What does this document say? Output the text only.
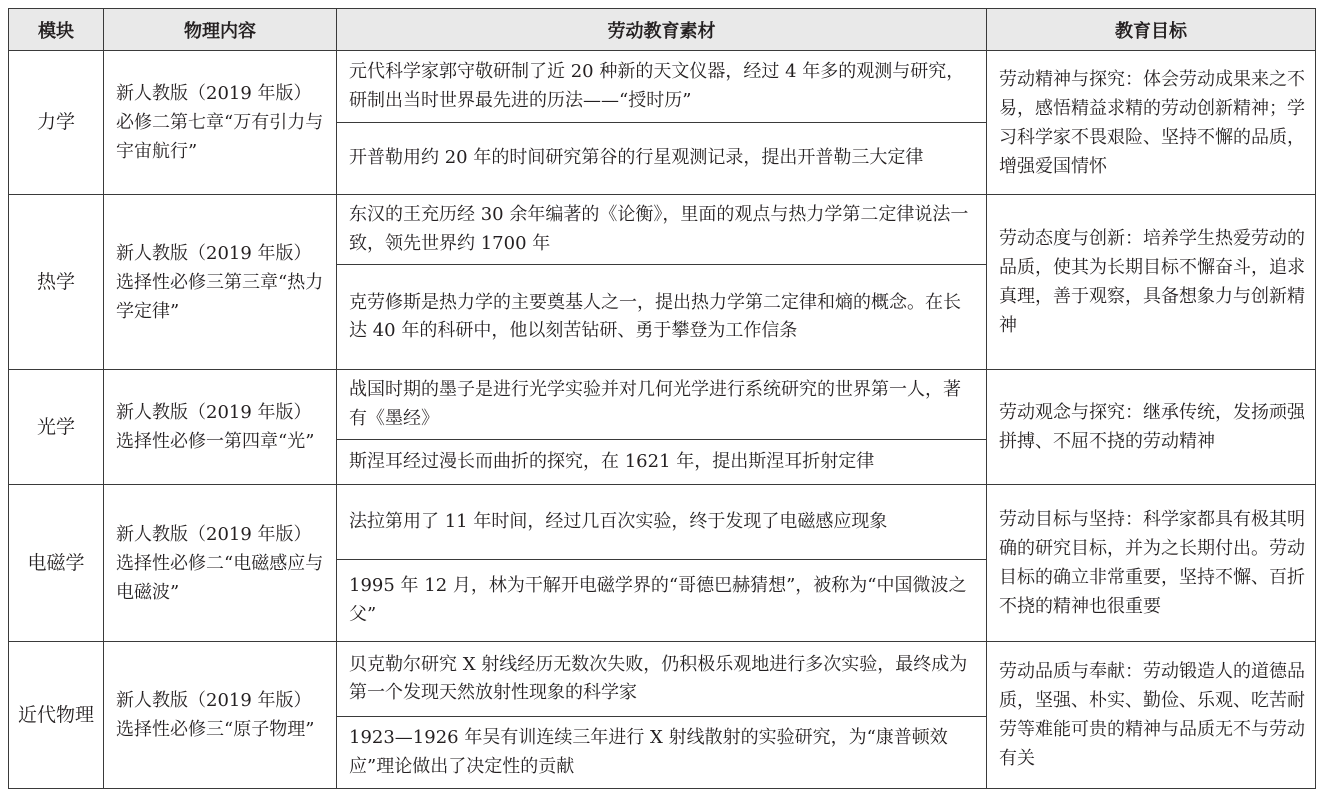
模块	物理内容	劳动教育素材	教育目标
力学	新人教版（2019 年版）必修二第七章“万有引力与宇宙航行”	元代科学家郭守敬研制了近 20 种新的天文仪器，经过 4 年多的观测与研究，研制出当时世界最先进的历法——“授时历”	劳动精神与探究：体会劳动成果来之不易，感悟精益求精的劳动创新精神；学习科学家不畏艰险、坚持不懈的品质，增强爱国情怀
		开普勒用约 20 年的时间研究第谷的行星观测记录，提出开普勒三大定律	
热学	新人教版（2019 年版）选择性必修三第三章“热力学定律”	东汉的王充历经 30 余年编著的《论衡》，里面的观点与热力学第二定律说法一致，领先世界约 1700 年	劳动态度与创新：培养学生热爱劳动的品质，使其为长期目标不懈奋斗，追求真理，善于观察，具备想象力与创新精神
		克劳修斯是热力学的主要奠基人之一，提出热力学第二定律和熵的概念。在长达 40 年的科研中，他以刻苦钻研、勇于攀登为工作信条	
光学	新人教版（2019 年版）选择性必修一第四章“光”	战国时期的墨子是进行光学实验并对几何光学进行系统研究的世界第一人，著有《墨经》	劳动观念与探究：继承传统，发扬顽强拼搏、不屈不挠的劳动精神
		斯涅耳经过漫长而曲折的探究，在 1621 年，提出斯涅耳折射定律	
电磁学	新人教版（2019 年版）选择性必修二“电磁感应与电磁波”	法拉第用了 11 年时间，经过几百次实验，终于发现了电磁感应现象	劳动目标与坚持：科学家都具有极其明确的研究目标，并为之长期付出。劳动目标的确立非常重要，坚持不懈、百折不挠的精神也很重要
		1995 年 12 月，林为干解开电磁学界的“哥德巴赫猜想”，被称为“中国微波之父”	
近代物理	新人教版（2019 年版）选择性必修三“原子物理”	贝克勒尔研究 X 射线经历无数次失败，仍积极乐观地进行多次实验，最终成为第一个发现天然放射性现象的科学家	劳动品质与奉献：劳动锻造人的道德品质，坚强、朴实、勤俭、乐观、吃苦耐劳等难能可贵的精神与品质无不与劳动有关
		1923—1926 年吴有训连续三年进行 X 射线散射的实验研究，为“康普顿效应”理论做出了决定性的贡献	
